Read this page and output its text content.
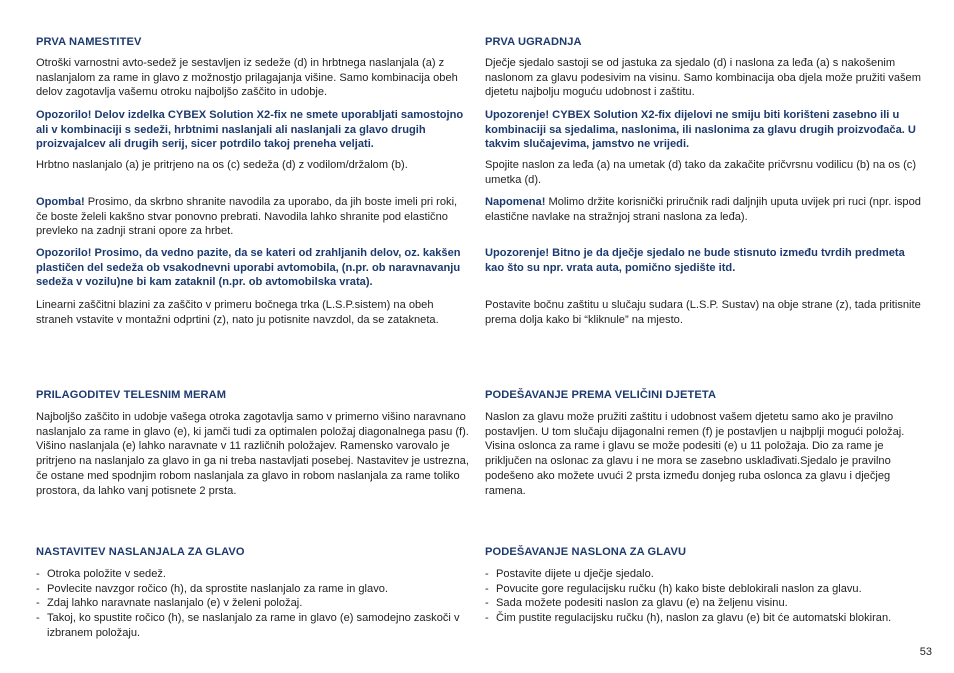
PRVA NAMESTITEV

Otroški varnostni avto-sedež je sestavljen iz sedeže (d) in hrbtnega naslanjala (a) z naslanjalom za rame in glavo z možnostjo prilagajanja višine. Samo kombinacija obeh delov zagotavlja vašemu otroku najboljšo zaščito in udobje.

Opozorilo! Delov izdelka CYBEX Solution X2-fix ne smete uporabljati samostojno ali v kombinaciji s sedeži, hrbtnimi naslanjali ali naslanjali za glavo drugih proizvajalcev ali drugih serij, sicer potrdilo takoj preneha veljati.

Hrbtno naslanjalo (a) je pritrjeno na os (c) sedeža (d) z vodilom/držalom (b).

Opomba! Prosimo, da skrbno shranite navodila za uporabo, da jih boste imeli pri roki, če boste želeli kakšno stvar ponovno prebrati. Navodila lahko shranite pod elastično prevleko na zadnji strani opore za hrbet.

Opozorilo! Prosimo, da vedno pazite, da se kateri od zrahljanih delov, oz. kakšen plastičen del sedeža ob vsakodnevni uporabi avtomobila, (n.pr. ob naravnavanju sedeža v vozilu)ne bi kam zataknil (n.pr. ob avtomobilska vrata).

Linearni zaščitni blazini za zaščito v primeru bočnega trka (L.S.P.sistem) na obeh straneh vstavite v montažni odprtini (z), nato ju potisnite navzdol, da se zatakneta.

PRILAGODITEV TELESNIM MERAM

Najboljšo zaščito in udobje vašega otroka zagotavlja samo v primerno višino naravnano naslanjalo za rame in glavo (e), ki jamči tudi za optimalen položaj diagonalnega pasu (f). Višino naslanjala (e) lahko naravnate v 11 različnih položajev. Ramensko varovalo je pritrjeno na naslanjalo za glavo in ga ni treba nastavljati posebej. Nastavitev je ustrezna, če ostane med spodnjim robom naslanjala za glavo in robom naslanjala za rame toliko prostora, da lahko vanj potisnete 2 prsta.

NASTAVITEV NASLANJALA ZA GLAVO
- Otroka položite v sedež.
- Povlecite navzgor ročico (h), da sprostite naslanjalo za rame in glavo.
- Zdaj lahko naravnate naslanjalo (e) v želeni položaj.
- Takoj, ko spustite ročico (h), se naslanjalo za rame in glavo (e) samodejno zaskoči v izbranem položaju.
PRVA UGRADNJA

Dječje sjedalo sastoji se od jastuka za sjedalo (d) i naslona za leđa (a) s nakošenim naslonom za glavu podesivim na visinu. Samo kombinacija oba djela može pružiti vašem djetetu najbolju moguću udobnost i zaštitu.

Upozorenje! CYBEX Solution X2-fix dijelovi ne smiju biti korišteni zasebno ili u kombinaciji sa sjedalima, naslonima, ili naslonima za glavu drugih proizvođača. U takvim slučajevima, jamstvo ne vrijedi.

Spojite naslon za leđa (a) na umetak (d) tako da zakačite pričvrsnu vodilicu (b) na os (c) umetka (d).

Napomena! Molimo držite korisnički priručnik radi daljnjih uputa uvijek pri ruci (npr. ispod elastične navlake na stražnjoj strani naslona za leđa).

Upozorenje! Bitno je da dječje sjedalo ne bude stisnuto između tvrdih predmeta kao što su npr. vrata auta, pomično sjedište itd.

Postavite bočnu zaštitu u slučaju sudara (L.S.P. Sustav) na obje strane (z), tada pritisnite prema dolja kako bi “kliknule” na mjesto.

PODEŠAVANJE PREMA VELIČINI DJETETA

Naslon za glavu može pružiti zaštitu i udobnost vašem djetetu samo ako je pravilno postavljen. U tom slučaju dijagonalni remen (f) je postavljen u najbplji mogući položaj. Visina oslonca za rame i glavu se može podesiti (e) u 11 položaja. Dio za rame je priključen na oslonac za glavu i ne mora se zasebno usklađivati.Sjedalo je pravilno podešeno ako možete uvući 2 prsta između donjeg ruba oslonca za glavu i dječjeg ramena.

PODEŠAVANJE NASLONA ZA GLAVU
- Postavite dijete u dječje sjedalo.
- Povucite gore regulacijsku ručku (h) kako biste deblokirali naslon za glavu.
- Sada možete podesiti naslon za glavu (e) na željenu visinu.
- Čim pustite regulacijsku ručku (h), naslon za glavu (e) bit će automatski blokiran.
53
